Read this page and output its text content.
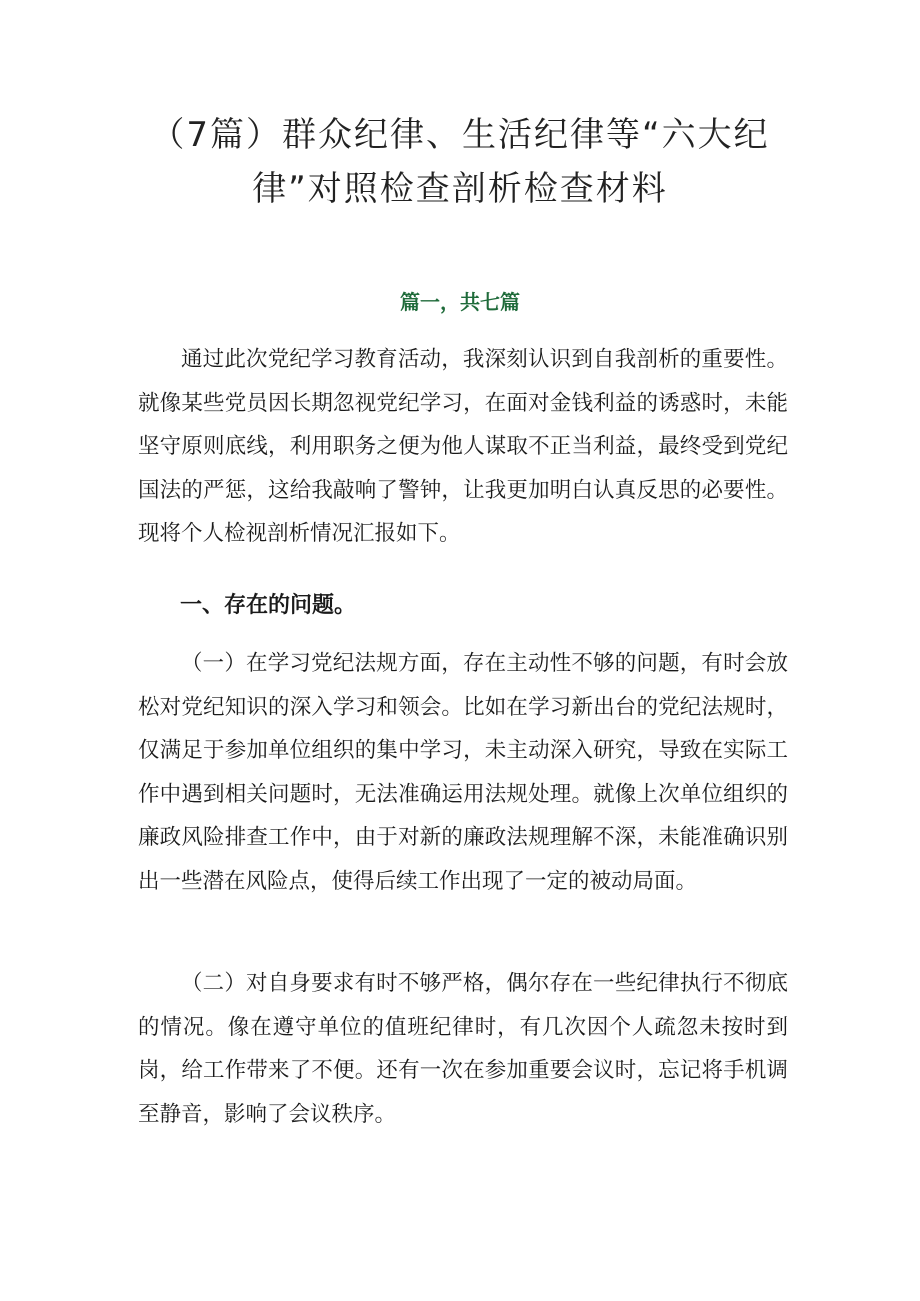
（7篇）群众纪律、生活纪律等“六大纪律”对照检查剖析检查材料

篇一，共七篇

通过此次党纪学习教育活动，我深刻认识到自我剖析的重要性。就像某些党员因长期忽视党纪学习，在面对金钱利益的诱惑时，未能坚守原则底线，利用职务之便为他人谋取不正当利益，最终受到党纪国法的严惩，这给我敲响了警钟，让我更加明白认真反思的必要性。现将个人检视剖析情况汇报如下。

一、存在的问题。

（一）在学习党纪法规方面，存在主动性不够的问题，有时会放松对党纪知识的深入学习和领会。比如在学习新出台的党纪法规时，仅满足于参加单位组织的集中学习，未主动深入研究，导致在实际工作中遇到相关问题时，无法准确运用法规处理。就像上次单位组织的廉政风险排查工作中，由于对新的廉政法规理解不深，未能准确识别出一些潜在风险点，使得后续工作出现了一定的被动局面。

（二）对自身要求有时不够严格，偶尔存在一些纪律执行不彻底的情况。像在遵守单位的值班纪律时，有几次因个人疏忽未按时到岗，给工作带来了不便。还有一次在参加重要会议时，忘记将手机调至静音，影响了会议秩序。
